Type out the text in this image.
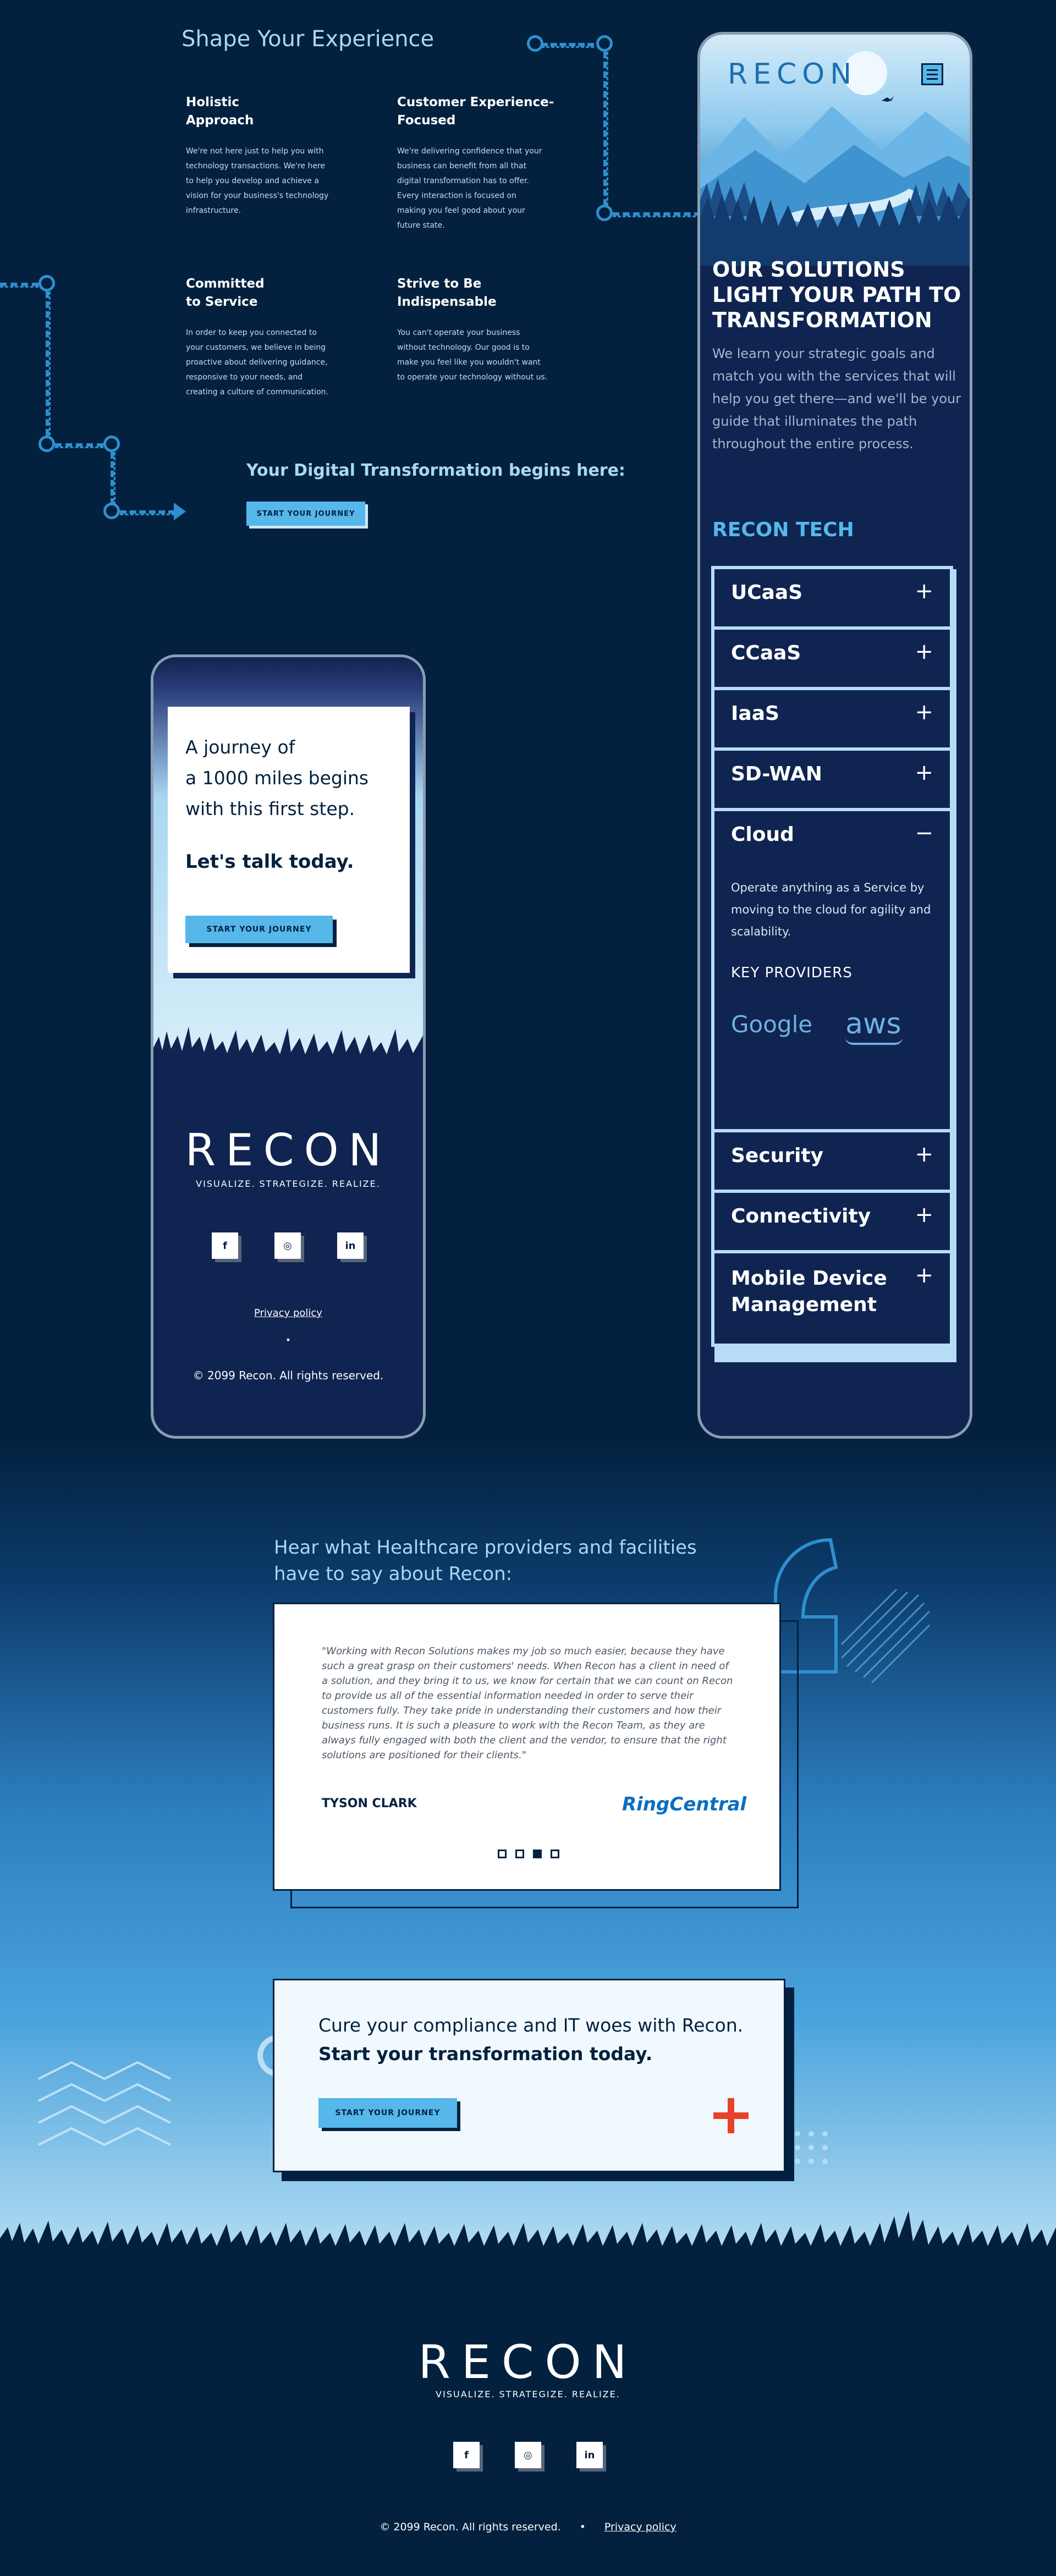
Shape Your Experience
Holistic
Approach
We're not here just to help you with
technology transactions. We're here
to help you develop and achieve a
vision for your business's technology
infrastructure.
Customer Experience-
Focused
We're delivering confidence that your
business can benefit from all that
digital transformation has to offer.
Every interaction is focused on
making you feel good about your
future state.
Committed
to Service
In order to keep you connected to
your customers, we believe in being
proactive about delivering guidance,
responsive to your needs, and
creating a culture of communication.
Strive to Be
Indispensable
You can't operate your business
without technology. Our good is to
make you feel like you wouldn't want
to operate your technology without us.
Your Digital Transformation begins here:
START YOUR JOURNEY
A journey of
a 1000 miles begins
with this first step.
Let's talk today.
START YOUR JOURNEY
RECON
VISUALIZE. STRATEGIZE. REALIZE.
f	◎	in
Privacy policy
•
© 2099 Recon. All rights reserved.
RECON
OUR SOLUTIONS
LIGHT YOUR PATH TO
TRANSFORMATION
We learn your strategic goals and
match you with the services that will
help you get there—and we'll be your
guide that illuminates the path
throughout the entire process.
RECON TECH
UCaaS	+
CCaaS	+
IaaS	+
SD-WAN	+
Cloud	−
Operate anything as a Service by
moving to the cloud for agility and
scalability.
KEY PROVIDERS
Google aws
Security	+
Connectivity +
Mobile Device
Management
+
Hear what Healthcare providers and facilities
have to say about Recon:
"Working with Recon Solutions makes my job so much easier, because they have such a great grasp on their customers' needs. When Recon has a client in need of a solution, and they bring it to us, we know for certain that we can count on Recon to provide us all of the essential information needed in order to serve their customers fully. They take pride in understanding their customers and how their business runs. It is such a pleasure to work with the Recon Team, as they are always fully engaged with both the client and the vendor, to ensure that the right solutions are positioned for their clients."
TYSON CLARK	RingCentral
Cure your compliance and IT woes with Recon.
Start your transformation today.
START YOUR JOURNEY
RECON
VISUALIZE. STRATEGIZE. REALIZE.
f	◎	in
© 2099 Recon. All rights reserved. • Privacy policy
